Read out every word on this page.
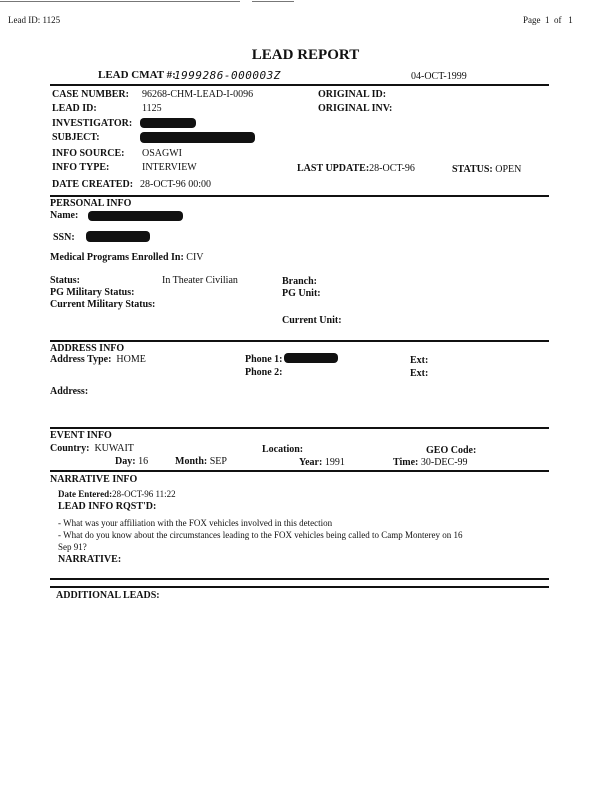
Lead ID: 1125	Page 1 of 1
LEAD REPORT
LEAD CMAT #:
1999286-000003Z	04-OCT-1999
CASE NUMBER: 96268-CHM-LEAD-I-0096	ORIGINAL ID:
LEAD ID:	1125	ORIGINAL INV:
INVESTIGATOR:
SUBJECT:
INFO SOURCE: OSAGWI
INFO TYPE:	INTERVIEW	LAST UPDATE:28-OCT-96	STATUS: OPEN
DATE CREATED: 28-OCT-96 00:00
PERSONAL INFO
Name:
SSN:
Medical Programs Enrolled In: CIV
Status:	In Theater Civilian	Branch:
PG Military Status:	PG Unit:
Current Military Status:
Current Unit:
ADDRESS INFO
Address Type: HOME	Phone 1:	Ext:
Phone 2:	Ext:
Address:
EVENT INFO
Country: KUWAIT	Location:	GEO Code:
Day: 16	Month: SEP	Year: 1991	Time: 30-DEC-99
NARRATIVE INFO
Date Entered:28-OCT-96 11:22
LEAD INFO RQST'D:
- What was your affiliation with the FOX vehicles involved in this detection
- What do you know about the circumstances leading to the FOX vehicles being called to Camp Monterey on 16
Sep 91?
NARRATIVE:
ADDITIONAL LEADS:
